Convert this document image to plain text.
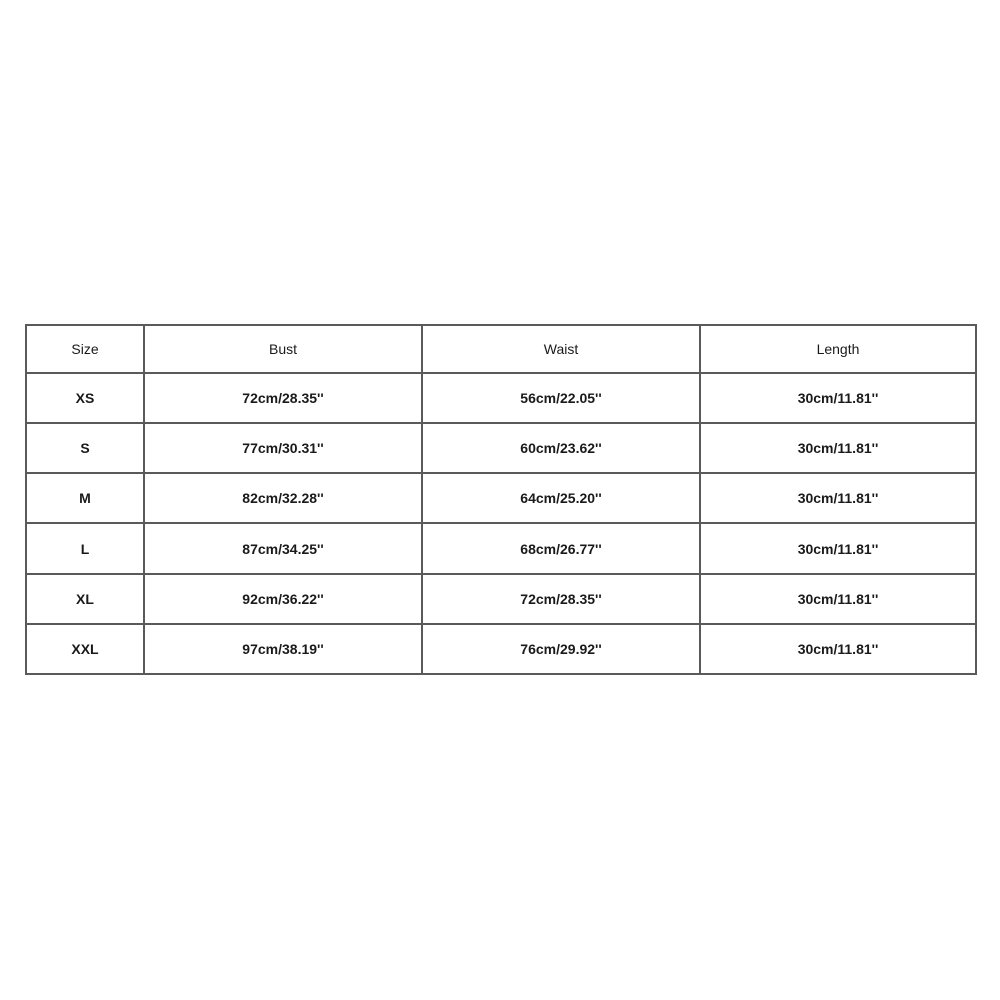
Size	Bust	Waist	Length
XS	72cm/28.35''	56cm/22.05''	30cm/11.81''
S	77cm/30.31''	60cm/23.62''	30cm/11.81''
M	82cm/32.28''	64cm/25.20''	30cm/11.81''
L	87cm/34.25''	68cm/26.77''	30cm/11.81''
XL	92cm/36.22''	72cm/28.35''	30cm/11.81''
XXL	97cm/38.19''	76cm/29.92''	30cm/11.81''
